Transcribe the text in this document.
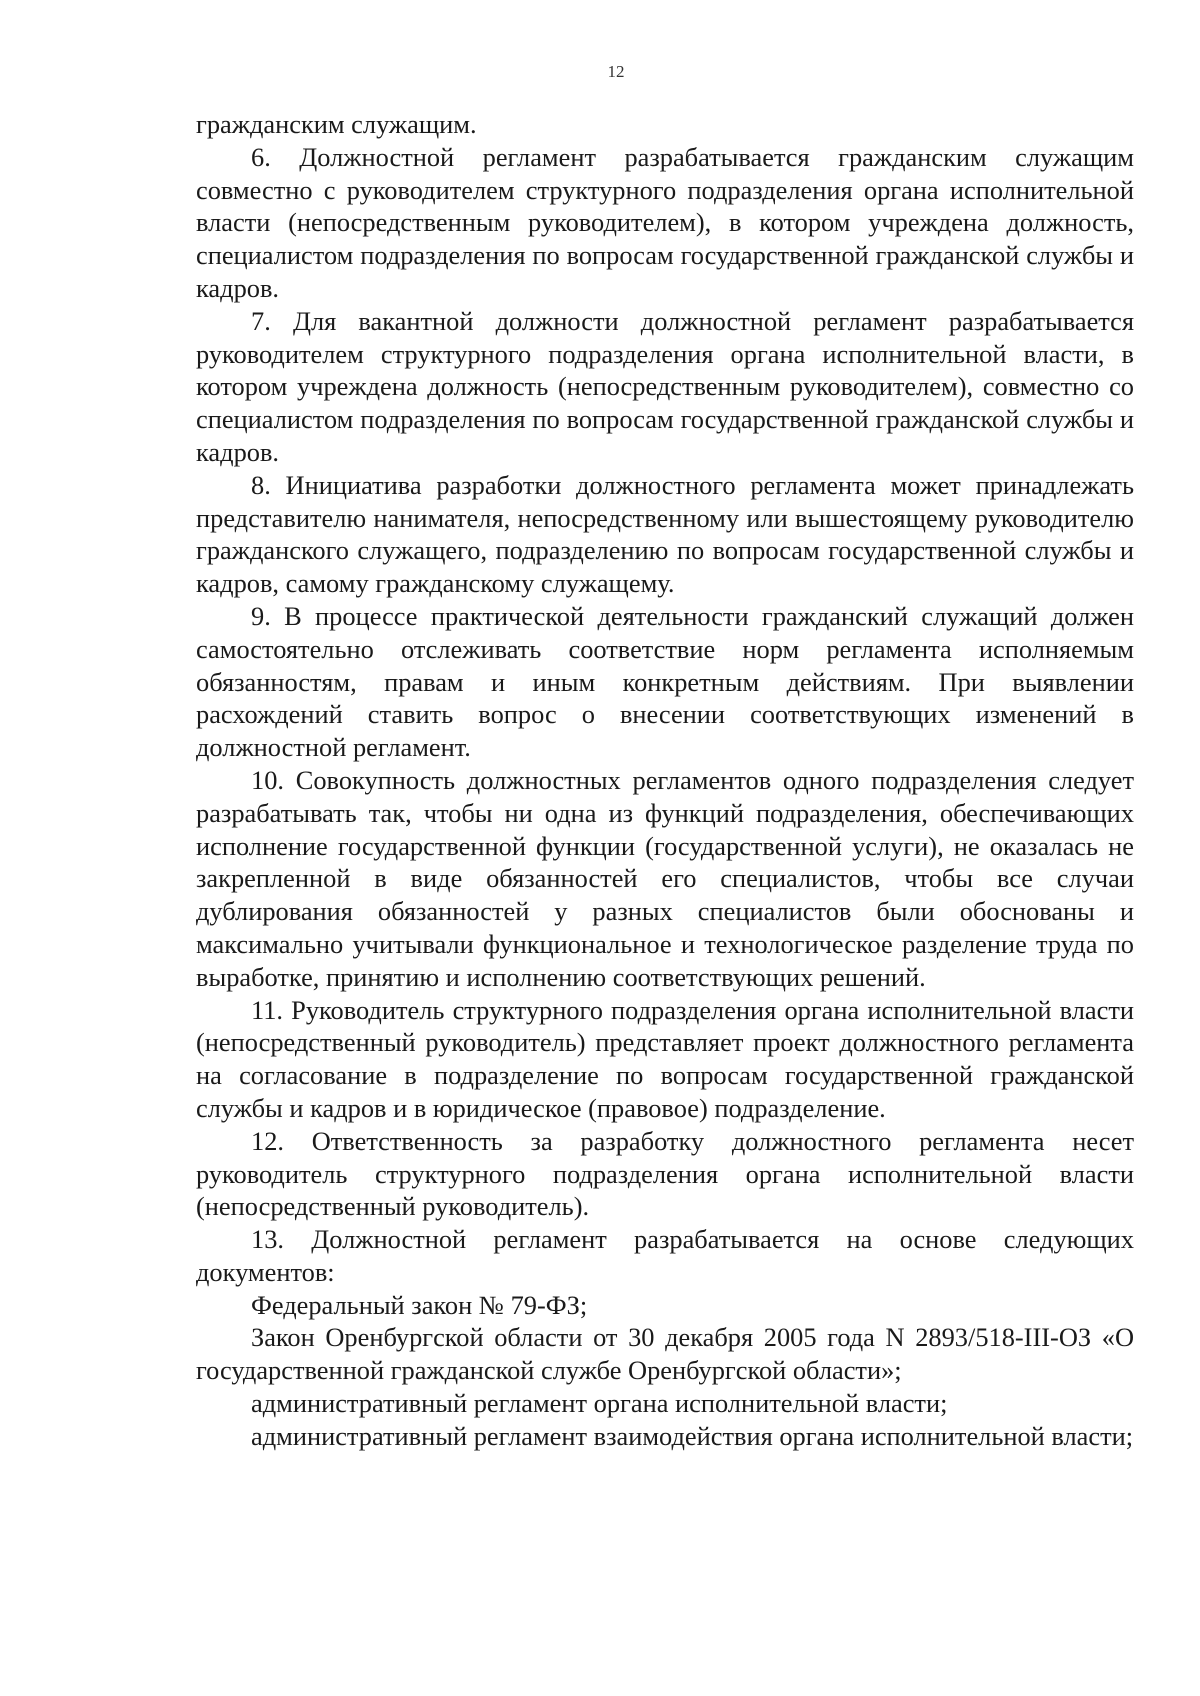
12

гражданским служащим.

6. Должностной регламент разрабатывается гражданским служащим совместно с руководителем структурного подразделения органа исполнительной власти (непосредственным руководителем), в котором учреждена должность, специалистом подразделения по вопросам государственной гражданской службы и кадров.

7. Для вакантной должности должностной регламент разрабатывается руководителем структурного подразделения органа исполнительной власти, в котором учреждена должность (непосредственным руководителем), совместно со специалистом подразделения по вопросам государственной гражданской службы и кадров.

8. Инициатива разработки должностного регламента может принадлежать представителю нанимателя, непосредственному или вышестоящему руководителю гражданского служащего, подразделению по вопросам государственной службы и кадров, самому гражданскому служащему.

9. В процессе практической деятельности гражданский служащий должен самостоятельно отслеживать соответствие норм регламента исполняемым обязанностям, правам и иным конкретным действиям. При выявлении расхождений ставить вопрос о внесении соответствующих изменений в должностной регламент.

10. Совокупность должностных регламентов одного подразделения следует разрабатывать так, чтобы ни одна из функций подразделения, обеспечивающих исполнение государственной функции (государственной услуги), не оказалась не закрепленной в виде обязанностей его специалистов, чтобы все случаи дублирования обязанностей у разных специалистов были обоснованы и максимально учитывали функциональное и технологическое разделение труда по выработке, принятию и исполнению соответствующих решений.

11. Руководитель структурного подразделения органа исполнительной власти (непосредственный руководитель) представляет проект должностного регламента на согласование в подразделение по вопросам государственной гражданской службы и кадров и в юридическое (правовое) подразделение.

12. Ответственность за разработку должностного регламента несет руководитель структурного подразделения органа исполнительной власти (непосредственный руководитель).

13. Должностной регламент разрабатывается на основе следующих документов:

Федеральный закон № 79-ФЗ;

Закон Оренбургской области от 30 декабря 2005 года N 2893/518-III-ОЗ «О государственной гражданской службе Оренбургской области»;

административный регламент органа исполнительной власти;

административный регламент взаимодействия органа исполнительной власти;
